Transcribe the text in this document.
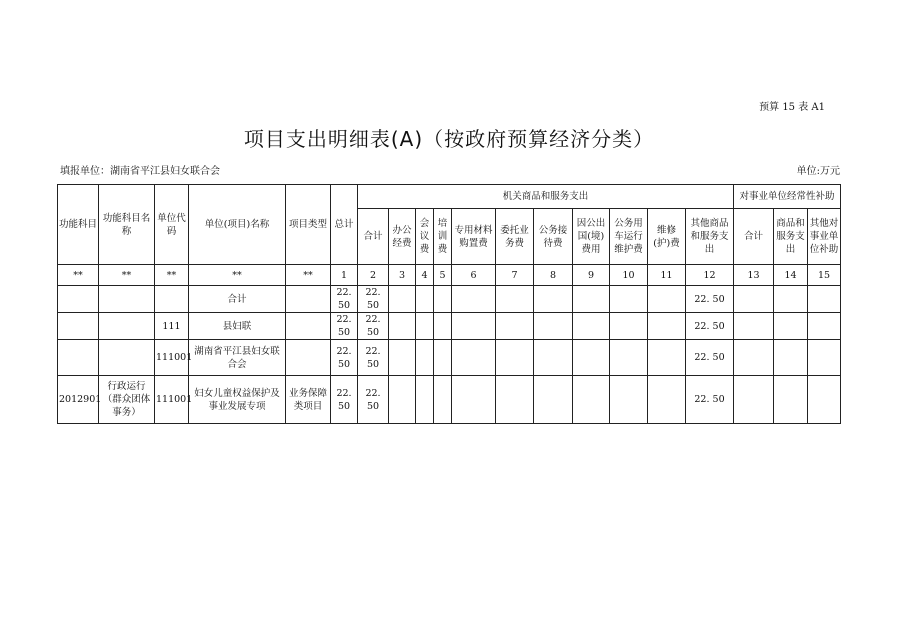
预算 15 表 A1
项目支出明细表(A)（按政府预算经济分类）
填报单位：湖南省平江县妇女联合会	单位:万元
功能科目	功能科目名称	单位代码	单位(项目)名称	项目类型	总计	机关商品和服务支出											对事业单位经常性补助		
						合计	办公经费	会议费	培训费	专用材料购置费	委托业务费	公务接待费	因公出国(境)费用	公务用车运行维护费	维修(护)费	其他商品和服务支出	合计	商品和服务支出	其他对事业单位补助
**	**	**	**	**	1	2	3	4	5	6	7	8	9	10	11	12	13	14	15
			合计		22. 50	22. 50										22. 50			
		111	县妇联		22. 50	22. 50										22. 50			
		111001	湖南省平江县妇女联合会		22. 50	22. 50										22. 50			
2012901	行政运行（群众团体事务）	111001	妇女儿童权益保护及事业发展专项	业务保障类项目	22. 50	22. 50										22. 50			
